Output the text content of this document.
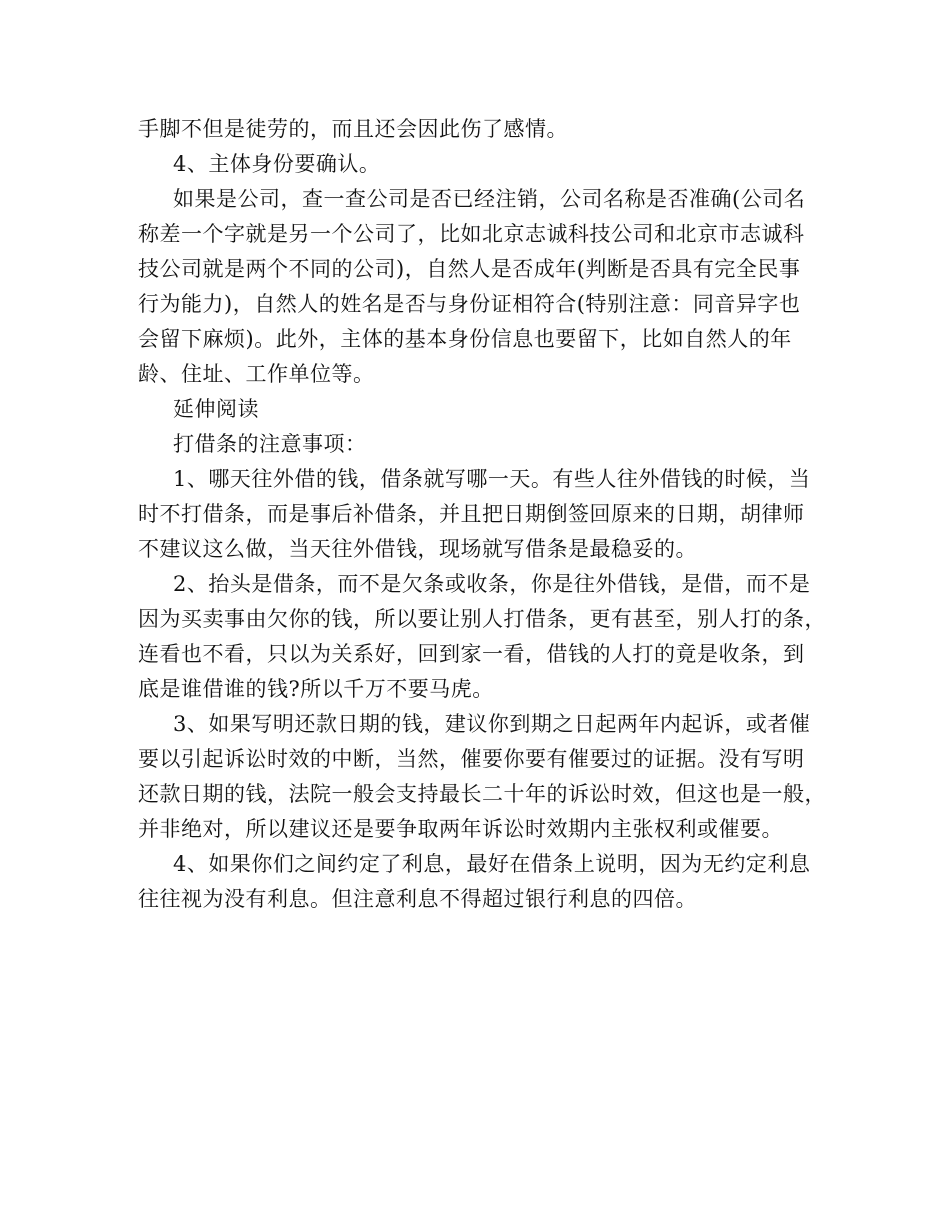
手脚不但是徒劳的，而且还会因此伤了感情。
4、主体身份要确认。
如果是公司，查一查公司是否已经注销，公司名称是否准确(公司名
称差一个字就是另一个公司了，比如北京志诚科技公司和北京市志诚科
技公司就是两个不同的公司)，自然人是否成年(判断是否具有完全民事
行为能力)，自然人的姓名是否与身份证相符合(特别注意：同音异字也
会留下麻烦)。此外，主体的基本身份信息也要留下，比如自然人的年
龄、住址、工作单位等。
延伸阅读
打借条的注意事项：
1、哪天往外借的钱，借条就写哪一天。有些人往外借钱的时候，当
时不打借条，而是事后补借条，并且把日期倒签回原来的日期，胡律师
不建议这么做，当天往外借钱，现场就写借条是最稳妥的。
2、抬头是借条，而不是欠条或收条，你是往外借钱，是借，而不是
因为买卖事由欠你的钱，所以要让别人打借条，更有甚至，别人打的条，
连看也不看，只以为关系好，回到家一看，借钱的人打的竟是收条，到
底是谁借谁的钱?所以千万不要马虎。
3、如果写明还款日期的钱，建议你到期之日起两年内起诉，或者催
要以引起诉讼时效的中断，当然，催要你要有催要过的证据。没有写明
还款日期的钱，法院一般会支持最长二十年的诉讼时效，但这也是一般，
并非绝对，所以建议还是要争取两年诉讼时效期内主张权利或催要。
4、如果你们之间约定了利息，最好在借条上说明，因为无约定利息
往往视为没有利息。但注意利息不得超过银行利息的四倍。
